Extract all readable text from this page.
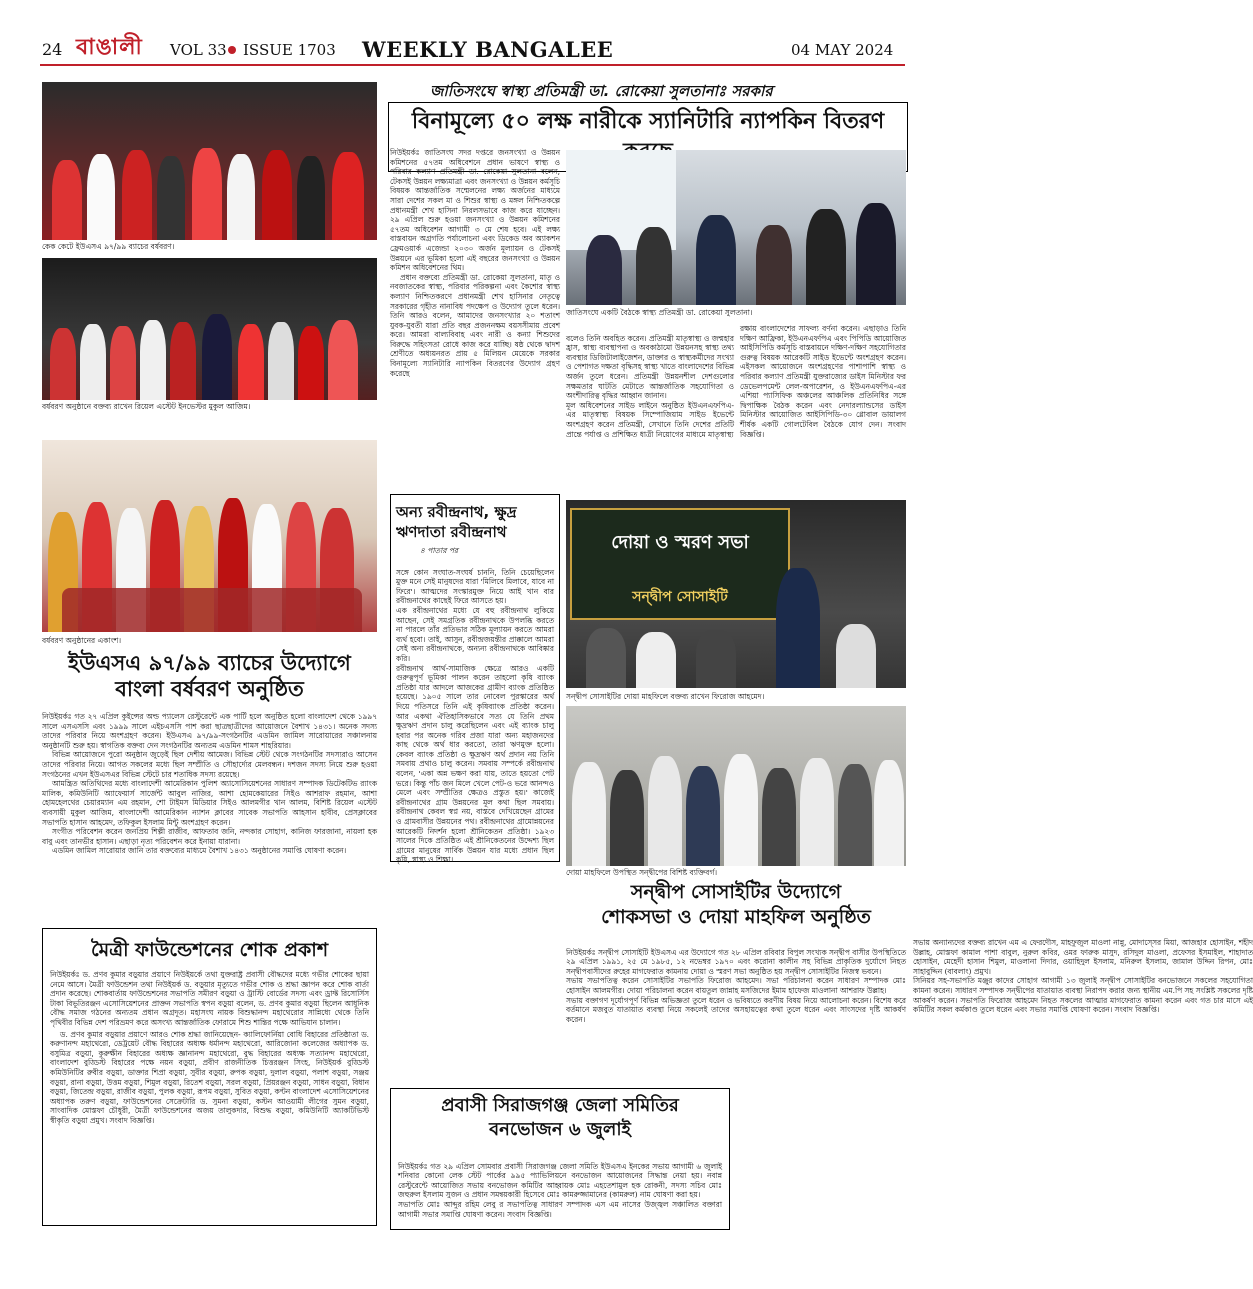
24 বাঙালী VOL 33 ISSUE 1703 WEEKLY BANGALEE	04 MAY 2024
কেক কেটে ইউএসএ ৯৭/৯৯ ব্যাচের বর্ষবরণ।
বর্ষবরণ অনুষ্ঠানে বক্তব্য রাখেন রিয়েল এস্টেট ইনভেস্টর মুকুল আজিম।
বর্ষবরণ অনুষ্ঠানের একাংশ।
ইউএসএ ৯৭/৯৯ ব্যাচের উদ্যোগে
বাংলা বর্ষবরণ অনুষ্ঠিত

নিউইয়র্কঃ গত ২৭ এপ্রিল কুইন্সের অল্ড প্যালেস রেস্টুরেন্টে এক পার্টি হলে অনুষ্ঠিত হলো বাংলাদেশ থেকে ১৯৯৭ সালে এসএসসি এবং ১৯৯৯ সালে এইচএসসি পাশ করা ছাত্রছাত্রীদের আয়োজনে বৈশাখ ১৪৩১। অনেক সদস্য তাদের পরিবার নিয়ে অংশগ্রহণ করেন। ইউএসএ ৯৭/৯৯-সংগঠনটির এডমিন জামিল সারোয়ারের সঞ্চালনায় অনুষ্ঠানটি শুরু হয়। স্বাগতিক বক্তব্য দেন সংগঠনটির অন্যতম এডমিন শামস শাহরিয়ার।

বিভিন্ন আয়োজনে পুরো অনুষ্ঠান জুড়েই ছিল দেশীয় আমেজ। বিভিন্ন স্টেট থেকে সংগঠনটির সদস্যরাও আসেন তাদের পরিবার নিয়ে। আগত সকলের মধ্যে ছিল সম্প্রীতি ও সৌহার্দ্যের মেলবন্ধন। দশজন সদস্য নিয়ে শুরু হওয়া সংগঠনের এখন ইউএসএর বিভিন্ন স্টেটে চার শতাধিক সদস্য রয়েছে।

আমন্ত্রিত অতিথিদের মধ্যে বাংলাদেশী আমেরিকান পুলিশ অ্যাসোসিয়েশনের সাধারণ সম্পাদক ডিটেকটিভ র‍্যাংক মালিক, কমিউনিটি অ্যাফেয়ার্স সার্জেন্ট আবুল নাজির, আশা হোমকেয়ারের সিইও আশরাফ রহমান, আশা হোমহেলথের চেয়ারম্যান এম রহমান, শো টাইমস মিডিয়ার সিইও আলমগীর খান আলম, বিশিষ্ট রিয়েল এস্টেট ব্যবসায়ী মুকুল আজিম, বাংলাদেশী আমেরিকান ন্যাশন ক্লাবের সাবেক সভাপতি আহসান হাবীব, প্রেসক্লাবের সভাপতি হাসান আহমেদ, তফিকুল ইসলাম মিন্টু অংশগ্রহণ করেন।

সংগীত পরিবেশন করেন জনপ্রিয় শিল্পী রাজীব, আফতাব জনি, নন্দকার সোহাগ, কানিজ ফারজানা, নায়লা হক বাবু এবং তানভীর হাসান। এছাড়া নৃত্য পরিবেশন করে ইনায়া যারানা।

এডমিন জামিল সারোয়ার জানি তার বক্তব্যের মাধ্যমে বৈশাখ ১৪৩১ অনুষ্ঠানের সমাপ্তি ঘোষণা করেন।

মৈত্রী ফাউন্ডেশনের শোক প্রকাশ

নিউইয়র্কঃ ড. প্রণব কুমার বড়ুয়ার প্রয়াণে নিউইয়র্কে তথা যুক্তরাষ্ট্র প্রবাসী বৌদ্ধদের মধ্যে গভীর শোকের ছায়া নেমে আসে। মৈত্রী ফাউন্ডেশন তথা নিউইয়র্ক ড. বড়ুয়ার মৃত্যুতে গভীর শোক ও শ্রদ্ধা জ্ঞাপন করে শোক বার্তা প্রদান করেছে। শোকবার্তায় ফাউন্ডেশনের সভাপতি সমীরণ বড়ুয়া ও ট্রাস্টি বোর্ডের সদস্য এবং ড্রাফ্ট রিসোর্সিস টাকা বিভূতিরঞ্জন এসোসিয়েশনের প্রাক্তন সভাপতি স্বপন বড়ুয়া বলেন, ড. প্রণব কুমার বড়ুয়া ছিলেন আধুনিক বৌদ্ধ সমাজ গঠনের অন্যতম প্রধান অগ্রদূত। মহাসংঘ নায়ক বিশুদ্ধানন্দ মহাথেরোর সান্নিধ্যে থেকে তিনি পৃথিবীর বিভিন্ন দেশ পরিভ্রমণ করে অসংখ্য আন্তর্জাতিক ফোরামে শিশু শান্তির পক্ষে আভিযান চালান।

ড. প্রণব কুমার বড়ুয়ার প্রয়াণে আরও শোক শ্রদ্ধা জানিয়েছেন- ক্যালিফোর্নিয়া বোধি বিহারের প্রতিষ্ঠাতা ড. করুণানন্দ মহাথেরো, ডেট্রয়েট বৌদ্ধ বিহারের অধ্যক্ষ ধর্মানন্দ মহাথেরো, আরিজোনা কলেজের অধ্যাপক ড. বসুমিত্র বড়ুয়া, কুরুক্ষীন বিহারের অধ্যক্ষ জ্ঞানানন্দ মহাথেরো, বুদ্ধ বিহারের অধ্যক্ষ সত্যানন্দ মহাথেরো, বাংলাদেশ বুড্ডিস্ট বিহারের পক্ষে নয়ন বড়ুয়া, প্রবীণ রাজনীতিক চিত্তরঞ্জন সিংহ, নিউইয়র্ক বুড্ডিস্ট কমিউনিটির রুবীর বড়ুয়া, ডাক্তার শিপ্রা বড়ুয়া, সুবীর বড়ুয়া, রুপক বড়ুয়া, দুলাল বড়ুয়া, পলাশ বড়ুয়া, সঞ্জয় বড়ুয়া, রানা বড়ুয়া, উত্তম বড়ুয়া, শিমুল বড়ুয়া, রিতেশ বড়ুয়া, সরল বড়ুয়া, প্রিয়রঞ্জন বড়ুয়া, সাধন বড়ুয়া, বিধান বড়ুয়া, জিতেন্দ্র বড়ুয়া, রাজীব বড়ুয়া, পুলক বড়ুয়া, রূপম বড়ুয়া, সুবিত বড়ুয়া, কণ্টন বাংলাদেশ এসোসিয়েশনের অধ্যাপক তরুণ বড়ুয়া, ফাউন্ডেশনের সেক্রেটারি ড. সুমনা বড়ুয়া, কস্টন আওয়ামী লীগের সুমন বড়ুয়া, সাংবাদিক মোস্তফা চৌধুরী, মৈত্রী ফাউন্ডেশনের অজয় তালুকদার, বিশুদ্ধ বড়ুয়া, কমিউনিটি অ্যাকটিভিস্ট স্বীকৃতি বড়ুয়া প্রমুখ। সংবাদ বিজ্ঞপ্তি।

জাতিসংঘে স্বাস্থ্য প্রতিমন্ত্রী ডা. রোকেয়া সুলতানাঃ সরকার
বিনামূল্যে ৫০ লক্ষ নারীকে স্যানিটারি ন্যাপকিন বিতরণ

নিউইয়র্কঃ জাতিসংঘ সদর দপ্তরে জনসংখ্যা ও উন্নয়ন কমিশনের ৫৭তম অধিবেশনে প্রধান ভাষণে স্বাস্থ্য ও পরিবার কল্যাণ প্রতিমন্ত্রী ডা. রোকেয়া সুলতানা বলেন, টেকসই উন্নয়ন লক্ষ্যমাত্রা এবং জনসংখ্যা ও উন্নয়ন কর্মসূচি বিষয়ক আন্তর্জাতিক সম্মেলনের লক্ষ্য অর্জনের মাধ্যমে সারা দেশের সকল মা ও শিশুর স্বাস্থ্য ও মঙ্গল নিশ্চিতকল্পে প্রধানমন্ত্রী শেখ হাসিনা নিরলসভাবে কাজ করে যাচ্ছেন। ২৯ এপ্রিল শুরু হওয়া জনসংখ্যা ও উন্নয়ন কমিশনের ৫৭তম অধিবেশন আগামী ৩ মে শেষ হবে। এই লক্ষ্য বাস্তবায়ন অগ্রগতি পর্যালোচনা এবং ডিকেড অব অ্যাকশন ফ্রেমওয়ার্ক এজেন্ডা ২০৩০ অর্জন মূল্যায়ন ও টেকসই উন্নয়নে এর ভূমিকা হলো এই বছরের জনসংখ্যা ও উন্নয়ন কমিশন অধিবেশনের থিম।

প্রধান বক্তব্যে প্রতিমন্ত্রী ডা. রোকেয়া সুলতানা, মাতৃ ও নবজাতকের স্বাস্থ্য, পরিবার পরিকল্পনা এবং কৈশোর স্বাস্থ্য কল্যাণ নিশ্চিতকরণে প্রধানমন্ত্রী শেখ হাসিনার নেতৃত্বে সরকারের গৃহীত নানাবিধ পদক্ষেপ ও উদ্যোগ তুলে ধরেন। তিনি আরও বলেন, আমাদের জনসংখ্যার ২০ শতাংশ যুবক-যুবতী যারা প্রতি বছর প্রজননক্ষম বয়সসীমায় প্রবেশ করে। আমরা বাল্যবিবাহ এবং নারী ও কন্যা শিশুদের বিরুদ্ধে সহিংসতা রোধে কাজ করে যাচ্ছি। ষষ্ঠ থেকে দ্বাদশ শ্রেণীতে অধ্যয়নরত প্রায় ৫ মিলিয়ন মেয়েকে সরকার বিনামূল্যে স্যানিটারি ন্যাপকিন বিতরণের উদ্যোগ গ্রহণ করেছে

জাতিসংঘে একটি বৈঠকে স্বাস্থ্য প্রতিমন্ত্রী ডা. রোকেয়া সুলতানা।

বলেও তিনি অবহিত করেন। প্রতিমন্ত্রী মাতৃস্বাস্থ্য ও জন্মহার হ্রাস, স্বাস্থ্য ব্যবস্থাপনা ও অবকাঠামো উন্নয়নসহ স্বাস্থ্য তথ্য ব্যবস্থার ডিজিটালাইজেশন, ডাক্তার ও স্বাস্থ্যকর্মীদের সংখ্যা ও পেশাগত দক্ষতা বৃদ্ধিসহ স্বাস্থ্য খাতে বাংলাদেশের বিভিন্ন অর্জন তুলে ধরেন। প্রতিমন্ত্রী উন্নয়নশীল দেশগুলোর সক্ষমতার ঘাটতি মেটাতে আন্তর্জাতিক সহযোগিতা ও অংশীদারিত্ব বৃদ্ধির আহ্বান জানান।
মূল অধিবেশনের সাইড লাইনে অনুষ্ঠিত ইউএনএফপিএ-এর মাতৃস্বাস্থ্য বিষয়ক সিম্পোজিয়াম সাইড ইভেন্টে অংশগ্রহণ করেন প্রতিমন্ত্রী, সেখানে তিনি দেশের প্রতিটি প্রান্তে পর্যাপ্ত ও প্রশিক্ষিত ধাত্রী নিয়োগের মাধ্যমে মাতৃস্বাস্থ্য

রক্ষায় বাংলাদেশের সাফল্য বর্ণনা করেন। এছাড়াও তিনি দক্ষিণ আফ্রিকা, ইউএনএফপিএ এবং পিপিডি আয়োজিত আইসিপিডি কর্মসূচি বাস্তবায়নে দক্ষিণ-দক্ষিণ সহযোগিতার গুরুত্ব বিষয়ক আরেকটি সাইড ইভেন্টে অংশগ্রহণ করেন। এইসকল আয়োজনে অংশগ্রহণের পাশাপাশি স্বাস্থ্য ও পরিবার কল্যাণ প্রতিমন্ত্রী যুক্তরাজ্যের ডাইস মিনিস্টার ফর ডেভেলপমেন্ট লেল-অপারেশন, ও ইউএনএফপিএ-এর এশিয়া প্যাসিফিক অঞ্চলের আঞ্চলিক প্রতিনিধির সঙ্গে দ্বিপাক্ষিক বৈঠক করেন এবং নেদারল্যান্ডসের ডাইস মিনিস্টার আয়োজিত আইসিপিডি-৩০ গ্লোবাল ডায়ালগ শীর্ষক একটি গোলটেবিল বৈঠকে যোগ দেন। সংবাদ বিজ্ঞপ্তি।

অন্য রবীন্দ্রনাথ, ক্ষুদ্র ঋণদাতা রবীন্দ্রনাথ
৪ পাতার পর

সঙ্গে কোন সংঘাত-সংঘর্ষ চাননি, তিনি চেয়েছিলেন মুক্ত মনে সেই মানুষদের যারা 'মিলিবে মিলাবে, যাবে না ফিরে'। আত্মদের সংস্কারমুক্ত নিয়ে আই খান বার রবীন্দ্রনাথের কাছেই ফিরে আসতে হয়।
এক রবীন্দ্রনাথের মধ্যে যে বহু রবীন্দ্রনাথ লুকিয়ে আছেন, সেই সমগ্রতিক রবীন্দ্রনাথকে উপলব্ধি করতে না পারলে তাঁর প্রতিভার সঠিক মূল্যায়ন করতে আমরা ব্যর্থ হবো। তাই, আসুন, রবীন্দ্রজয়ন্তীর প্রাক্কালে আমরা সেই অন্য রবীন্দ্রনাথকে, অন্যন্য রবীন্দ্রনাথকে আবিষ্কার করি।
রবীন্দ্রনাথ আর্থ-সামাজিক ক্ষেত্রে আরও একটি গুরুত্বপূর্ণ ভূমিকা পালন করেন তাহলো কৃষি ব্যাংক প্রতিষ্ঠা যার আদলে আজকের গ্রামীণ ব্যাংক প্রতিষ্ঠিত হয়েছে। ১৯০৫ সালে তার নোবেল পুরস্কারের অর্থ দিয়ে পতিসরে তিনি এই কৃষিব্যাংক প্রতিষ্ঠা করেন। আর একথা ঐতিহাসিকভাবে সত্য যে তিনি প্রথম ক্ষুদ্রঋণ প্রদান চালু করেছিলেন এবং এই ব্যাংক চালু হবার পর অনেক গরিব প্রজা যারা অন্য মহাজনদের কাছ থেকে অর্থ ধার করতো, তারা ঋণমুক্ত হলো। কেবল ব্যাংক প্রতিষ্ঠা ও ক্ষুদ্রঋণ অর্থ প্রদান নয় তিনি সমবায় প্রথাও চালু করেন। সমবায় সম্পর্কে রবীন্দ্রনাথ বলেন, 'একা অন্ন ভক্ষণ করা যায়, তাতে হয়তো পেট ভরে। কিন্তু পাঁচ জন মিলে খেলে পেট-ও ভরে আনন্দও মেলে এবং সম্প্রীতির ক্ষেত্রও প্রস্তুত হয়।' কাজেই রবীন্দ্রনাথের গ্রাম উন্নয়নের মূল কথা ছিল সমবায়। রবীন্দ্রনাথ কেবল স্বপ্ন নয়, বাস্তবে দেখিয়েছেন গ্রামের ও গ্রামবাসীর উন্নয়নের পথ। রবীন্দ্রনাথের গ্রামোন্নয়নের আরেকটি নিদর্শন হলো শ্রীনিকেতন প্রতিষ্ঠা। ১৯২৩ সালের দিকে প্রতিষ্ঠিত এই শ্রীনিকেতনের উদ্দেশ্য ছিল গ্রামের মানুষের সার্বিক উন্নয়ন যার মধ্যে প্রধান ছিল কৃষি, স্বাস্থ্য ও শিক্ষা।

দোয়া ও স্মরণ সভা
সন্দ্বীপ সোসাইটি
সন্দ্বীপ সোসাইটির দোয়া মাহফিলে বক্তব্য রাখেন ফিরোজ আহমেদ।
দোয়া মাহফিলে উপস্থিত সন্দ্বীপের বিশিষ্ট ব্যক্তিবর্গ।
সন্দ্বীপ সোসাইটির উদ্যোগে
শোকসভা ও দোয়া মাহফিল অনুষ্ঠিত

নিউইয়র্কঃ সন্দ্বীপ সোসাইটি ইউএসএ এর উদ্যোগে গত ২৮ এপ্রিল রবিবার বিপুল সংখ্যক সন্দ্বীপ বাসীর উপস্থিতিতে ২৯ এপ্রিল ১৯৯১, ২৫ মে ১৯৮৫, ১২ নভেম্বর ১৯৭০ এবং করোনা কালীন সহ বিভিন্ন প্রাকৃতিক দুর্যোগে নিহত সন্দ্বীপবাসীদের রুহের মাগফেরাত কামনায় দোয়া ও স্মরণ সভা অনুষ্ঠিত হয় সন্দ্বীপ সোসাইটির নিজস্ব ভবনে।
সভায় সভাপতিত্ব করেন সোসাইটির সভাপতি ফিরোজ আহমেদ। সভা পরিচালনা করেন সাধারণ সম্পাদক মোঃ হোসাইন আলমগীর। দোয়া পরিচালনা করেন বায়তুল জান্নাহ মসজিদের ইমাম হাফেজ মাওলানা আশরাফ উল্লাহ।
সভায় বক্তাগণ দূর্যোগপূর্ণ বিভিন্ন অভিজ্ঞতা তুলে ধরেন ও ভবিষ্যতে করণীয় বিষয় নিয়ে আলোচনা করেন। বিশেষ করে বর্তমানে মজবুত যাতায়াত ব্যবস্থা নিয়ে সকলেই তাদের অসহায়ত্বের কথা তুলে ধরেন এবং সাংসদের দৃষ্টি আকর্ষণ করেন।
সভায় অন্যান্যদের বক্তব্য রাখেন এম এ ফেরদৌস, মাহফুজুল মাওলা নান্নু, মোদাস্সের মিয়া, আজহার হোসাইন, শহীদ উল্লাহ, মোস্তফা কামাল পাশা বাবুল, নুরুল কবির, ওমর ফারুক মাসুদ, রসিদুল মাওলা, প্রফেসর ইসমাইল, শাহাদাত হোসাইন, মেহেদী হাসান শিমুল, মাওলানা দিদার, ওয়াহিদুল ইসলাম, মনিরুল ইসলাম, জামাল উদ্দিন রিপন, মোঃ সাহাবুদ্দিন (বাবলাং) প্রমুখ।
সিনিয়র সহ-সভাপতি মঞ্জুর কাদের সোহাগ আগামী ১৩ জুলাই সন্দ্বীপ সোসাইটির বনভোজনে সকলের সহযোগিতা কামনা করেন। সাধারণ সম্পাদক সন্দ্বীপের যাতায়াত ব্যবস্থা নিরাপদ করার জন্য স্থানীয় এম.পি সহ সংশ্লিষ্ট সকলের দৃষ্টি আকর্ষণ করেন। সভাপতি ফিরোজ আহমেদ নিহত সকলের আত্মার মাগফেরাত কামনা করেন এবং গত চার মাসে এই কমিটির সকল কর্মকাণ্ড তুলে ধরেন এবং সভার সমাপ্তি ঘোষণা করেন। সংবাদ বিজ্ঞপ্তি।

প্রবাসী সিরাজগঞ্জ জেলা সমিতির
বনভোজন ৬ জুলাই

নিউইয়র্কঃ গত ২৯ এপ্রিল সোমবার প্রবাসী সিরাজগঞ্জ জেলা সমিতি ইউএসএ ইনকের সভায় আগামী ৬ জুলাই শনিবার কোনো লেক স্টেট পার্কের ৯৯৫ প্যাভিলিয়নে বনভোজন আয়োজনের সিদ্ধান্ত নেয়া হয়। নবান্ন রেস্টুরেন্টে আয়োজিত সভায় বনভোজন কমিটির আহ্বায়ক মোঃ এহতেশামুল হক রোকনী, সদস্য সচিব মোঃ জহুরুল ইসলাম সুজন ও প্রধান সমন্বয়কারী হিসেবে মোঃ কামরুজ্জামানের (কামরুল) নাম ঘোষণা করা হয়।
সভাপতি মোঃ আব্দুর রহিম লেবু র সভাপতিত্ব সাধারণ সম্পাদক এস এম নাসের উজ্জ্বল সঞ্চালিত বক্তারা আগামী সভার সমাপ্তি ঘোষণা করেন। সংবাদ বিজ্ঞপ্তি।
